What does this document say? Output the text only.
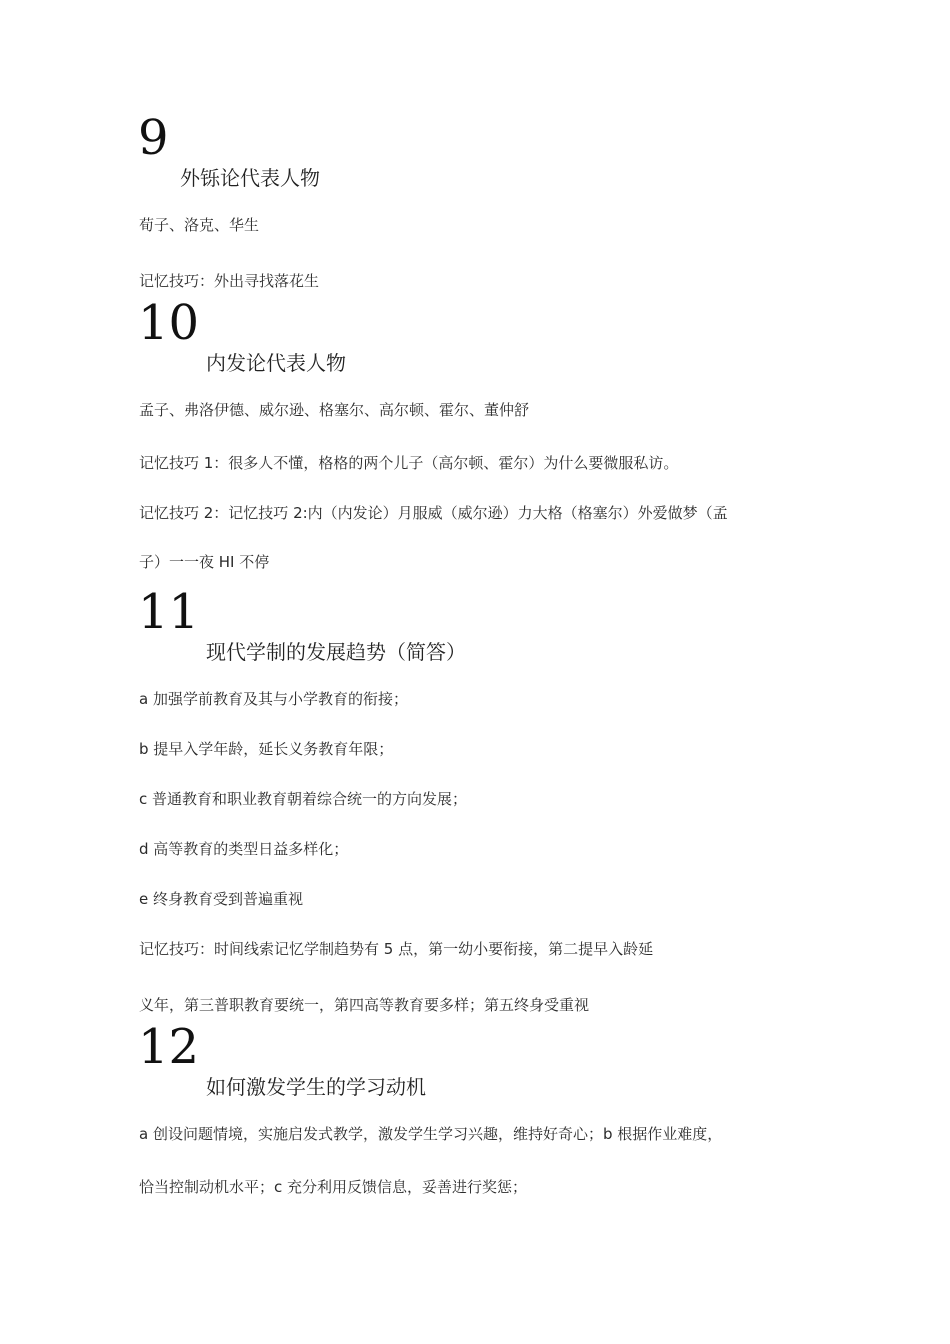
9
外铄论代表人物
荀子、洛克、华生
记忆技巧：外出寻找落花生
10
内发论代表人物
孟子、弗洛伊德、威尔逊、格塞尔、高尔顿、霍尔、董仲舒
记忆技巧 1：很多人不懂，格格的两个儿子（高尔顿、霍尔）为什么要微服私访。
记忆技巧 2：记忆技巧 2:内（内发论）月服威（威尔逊）力大格（格塞尔）外爱做梦（孟
子）一一夜 HI 不停
11
现代学制的发展趋势（简答）
a 加强学前教育及其与小学教育的衔接；
b 提早入学年龄，延长义务教育年限；
c 普通教育和职业教育朝着综合统一的方向发展；
d 高等教育的类型日益多样化；
e 终身教育受到普遍重视
记忆技巧：时间线索记忆学制趋势有 5 点，第一幼小要衔接，第二提早入龄延
义年，第三普职教育要统一，第四高等教育要多样；第五终身受重视
12
如何激发学生的学习动机
a 创设问题情境，实施启发式教学，激发学生学习兴趣，维持好奇心；b 根据作业难度，
恰当控制动机水平；c 充分利用反馈信息，妥善进行奖惩；
